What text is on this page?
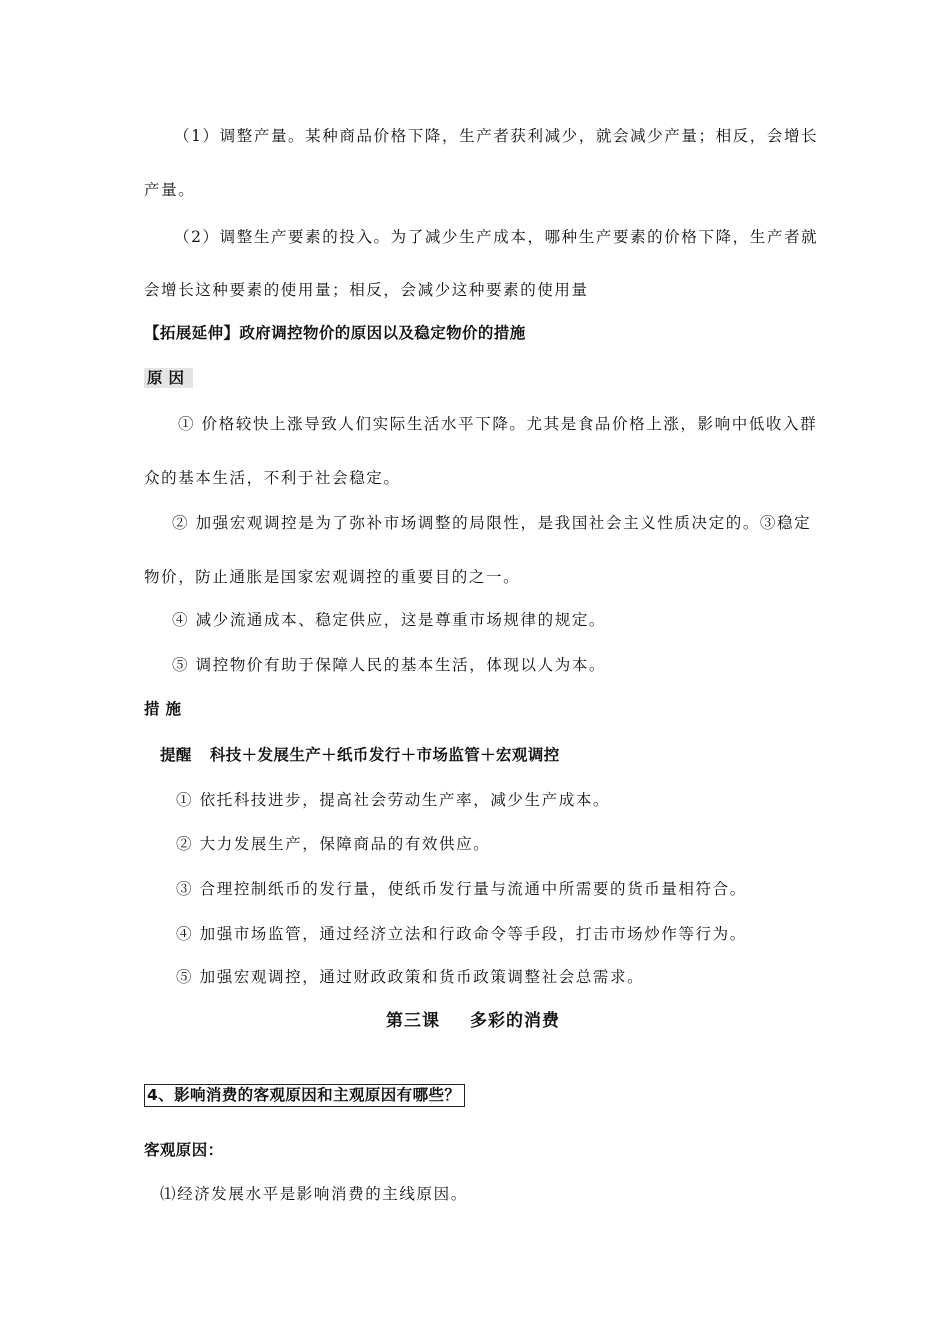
（1）调整产量。某种商品价格下降，生产者获利减少，就会减少产量；相反，会增长
产量。
（2）调整生产要素的投入。为了减少生产成本，哪种生产要素的价格下降，生产者就
会增长这种要素的使用量；相反，会减少这种要素的使用量
【拓展延伸】政府调控物价的原因以及稳定物价的措施
原因
① 价格较快上涨导致人们实际生活水平下降。尤其是食品价格上涨，影响中低收入群
众的基本生活，不利于社会稳定。
② 加强宏观调控是为了弥补市场调整的局限性，是我国社会主义性质决定的。③稳定
物价，防止通胀是国家宏观调控的重要目的之一。
④ 减少流通成本、稳定供应，这是尊重市场规律的规定。
⑤ 调控物价有助于保障人民的基本生活，体现以人为本。
措施
提醒 科技＋发展生产＋纸币发行＋市场监管＋宏观调控
① 依托科技进步，提高社会劳动生产率，减少生产成本。
② 大力发展生产，保障商品的有效供应。
③ 合理控制纸币的发行量，使纸币发行量与流通中所需要的货币量相符合。
④ 加强市场监管，通过经济立法和行政命令等手段，打击市场炒作等行为。
⑤ 加强宏观调控，通过财政政策和货币政策调整社会总需求。
第三课 多彩的消费
4、影响消费的客观原因和主观原因有哪些？
客观原因：
⑴经济发展水平是影响消费的主线原因。
